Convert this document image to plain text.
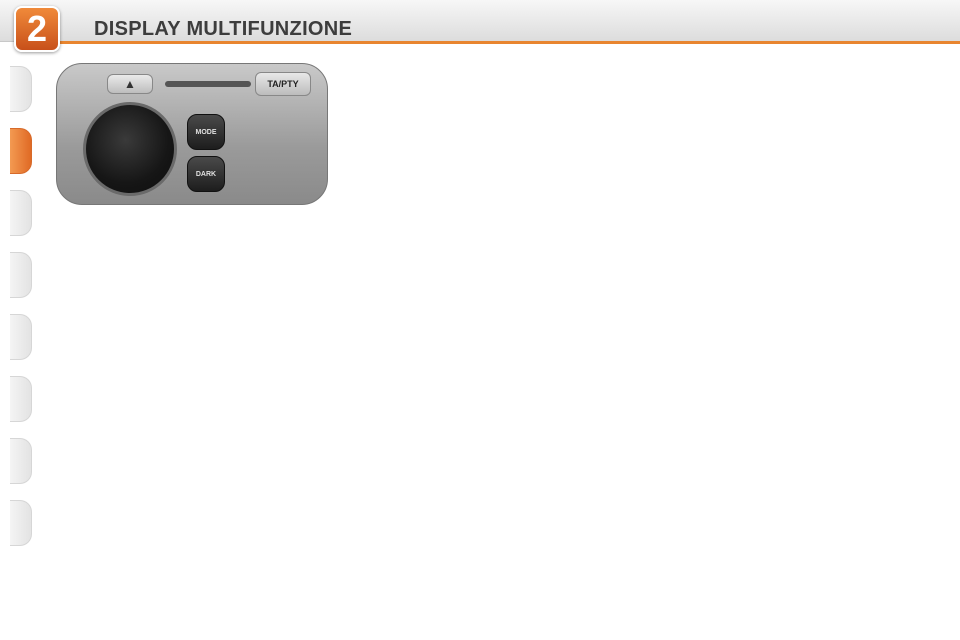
2	DISPLAY MULTIFUNZIONE
▲	TA/PTY
MODE
DARK
